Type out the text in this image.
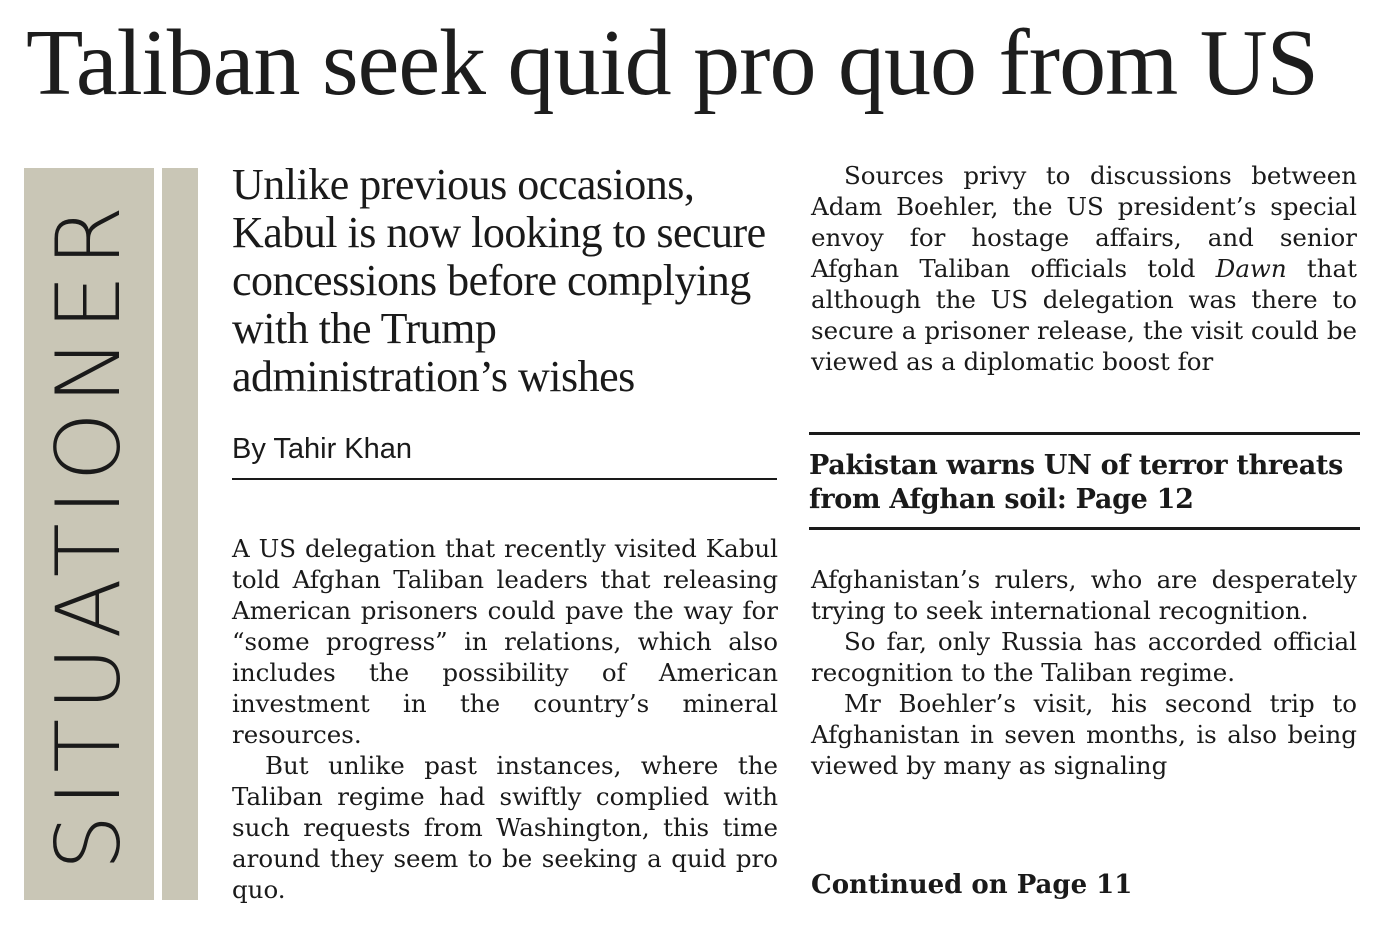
Taliban seek quid pro quo from US
SITUATIONER
Unlike previous occasions, Kabul is now looking to secure concessions before complying with the Trump administration’s wishes
By Tahir Khan

A US delegation that recently visited Kabul told Afghan Taliban leaders that releasing American prisoners could pave the way for “some progress” in relations, which also includes the possibility of American investment in the country’s mineral resources.

But unlike past instances, where the Taliban regime had swiftly complied with such requests from Washington, this time around they seem to be seeking a quid pro quo.

Sources privy to discussions between Adam Boehler, the US president’s special envoy for hostage affairs, and senior Afghan Taliban officials told Dawn that although the US delegation was there to secure a prisoner release, the visit could be viewed as a diplomatic boost for

Pakistan warns UN of terror threats from Afghan soil: Page 12

Afghanistan’s rulers, who are desperately trying to seek international recognition.

So far, only Russia has accorded official recognition to the Taliban regime.

Mr Boehler’s visit, his second trip to Afghanistan in seven months, is also being viewed by many as signaling

Continued on Page 11
